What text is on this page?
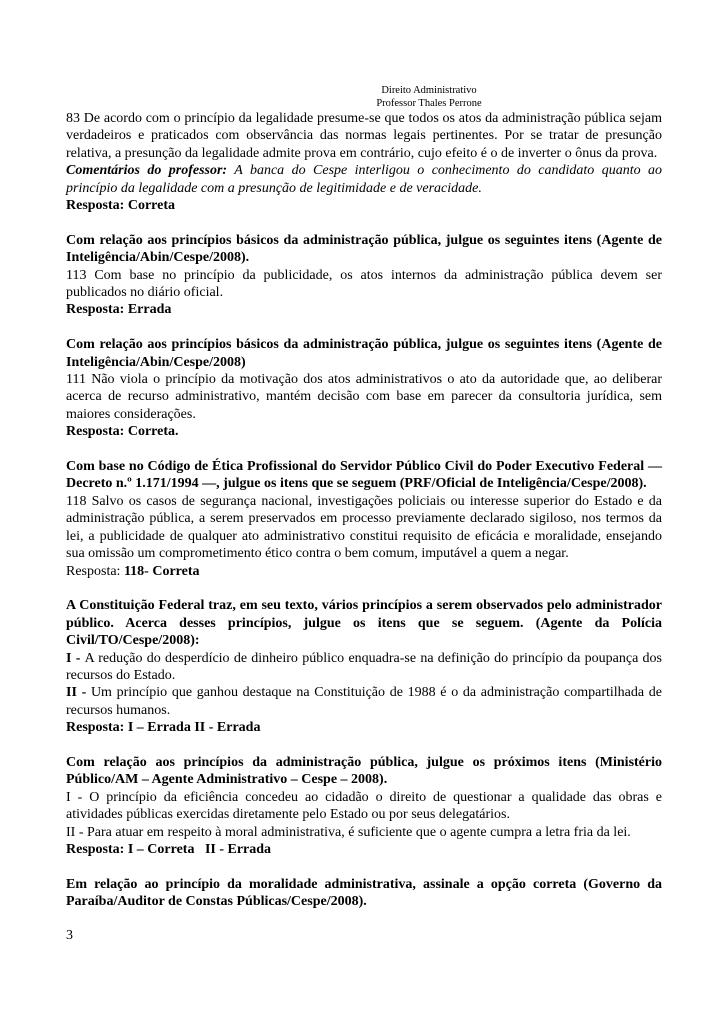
Direito Administrativo
Professor Thales Perrone

83 De acordo com o princípio da legalidade presume-se que todos os atos da administração pública sejam verdadeiros e praticados com observância das normas legais pertinentes. Por se tratar de presunção relativa, a presunção da legalidade admite prova em contrário, cujo efeito é o de inverter o ônus da prova.

Comentários do professor: A banca do Cespe interligou o conhecimento do candidato quanto ao princípio da legalidade com a presunção de legitimidade e de veracidade.

Resposta: Correta

Com relação aos princípios básicos da administração pública, julgue os seguintes itens (Agente de Inteligência/Abin/Cespe/2008).

113 Com base no princípio da publicidade, os atos internos da administração pública devem ser publicados no diário oficial.

Resposta: Errada

Com relação aos princípios básicos da administração pública, julgue os seguintes itens (Agente de Inteligência/Abin/Cespe/2008)

111 Não viola o princípio da motivação dos atos administrativos o ato da autoridade que, ao deliberar acerca de recurso administrativo, mantém decisão com base em parecer da consultoria jurídica, sem maiores considerações.

Resposta: Correta.

Com base no Código de Ética Profissional do Servidor Público Civil do Poder Executivo Federal — Decreto n.º 1.171/1994 —, julgue os itens que se seguem (PRF/Oficial de Inteligência/Cespe/2008).

118 Salvo os casos de segurança nacional, investigações policiais ou interesse superior do Estado e da administração pública, a serem preservados em processo previamente declarado sigiloso, nos termos da lei, a publicidade de qualquer ato administrativo constitui requisito de eficácia e moralidade, ensejando sua omissão um comprometimento ético contra o bem comum, imputável a quem a negar.

Resposta: 118- Correta

A Constituição Federal traz, em seu texto, vários princípios a serem observados pelo administrador público. Acerca desses princípios, julgue os itens que se seguem. (Agente da Polícia Civil/TO/Cespe/2008):

I - A redução do desperdício de dinheiro público enquadra-se na definição do princípio da poupança dos recursos do Estado.

II - Um princípio que ganhou destaque na Constituição de 1988 é o da administração compartilhada de recursos humanos.

Resposta: I – Errada II - Errada

Com relação aos princípios da administração pública, julgue os próximos itens (Ministério Público/AM – Agente Administrativo – Cespe – 2008).

I - O princípio da eficiência concedeu ao cidadão o direito de questionar a qualidade das obras e atividades públicas exercidas diretamente pelo Estado ou por seus delegatários.

II - Para atuar em respeito à moral administrativa, é suficiente que o agente cumpra a letra fria da lei.

Resposta: I – Correta   II - Errada

Em relação ao princípio da moralidade administrativa, assinale a opção correta (Governo da Paraíba/Auditor de Constas Públicas/Cespe/2008).

3
